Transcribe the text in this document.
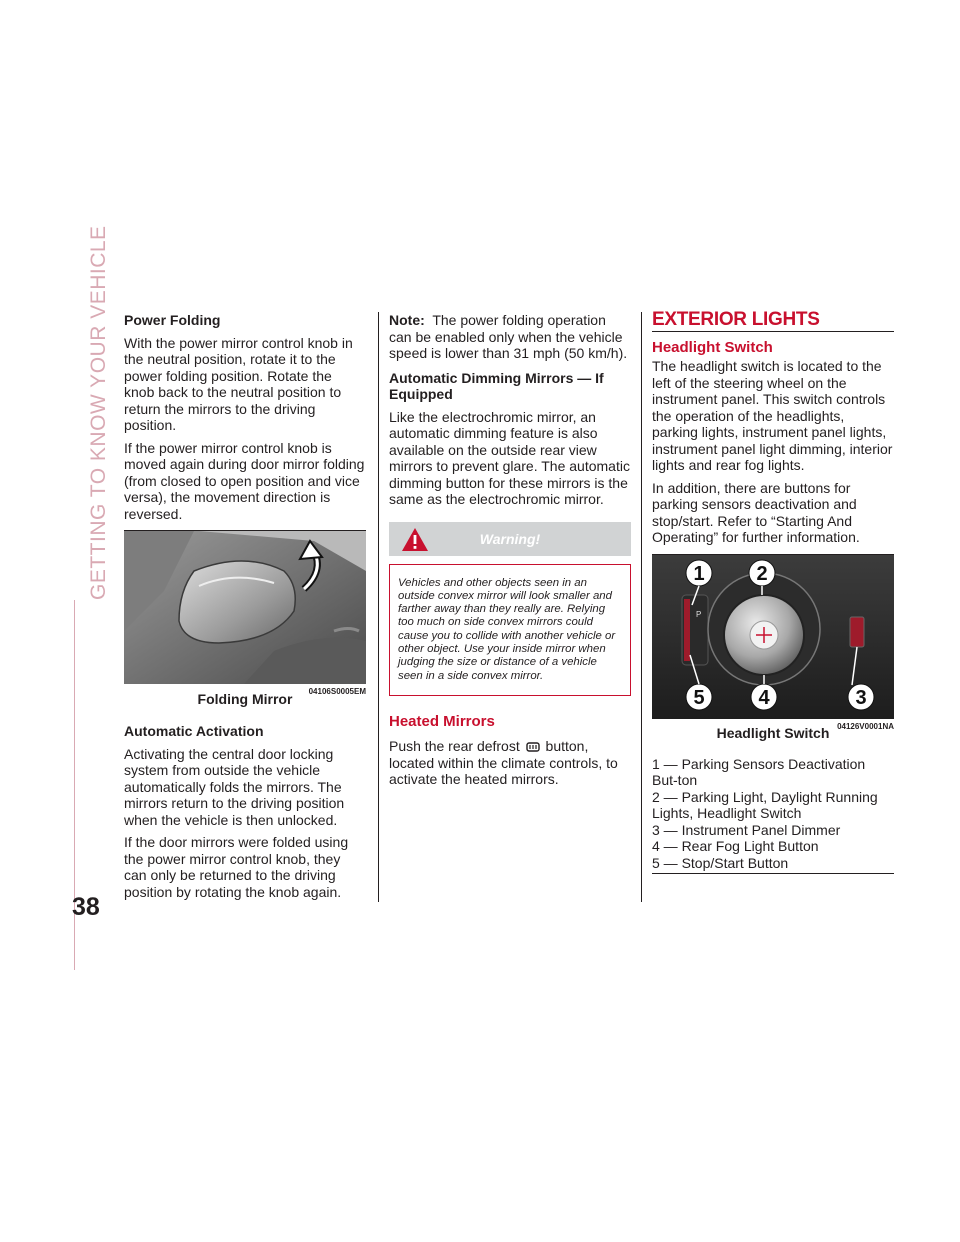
GETTING TO KNOW YOUR VEHICLE Power Folding

With the power mirror control knob in the neutral position, rotate it to the power folding position. Rotate the knob back to the neutral position to return the mirrors to the driving position.

If the power mirror control knob is moved again during door mirror folding (from closed to open position and vice versa), the movement direction is reversed.

04106S0005EM
Folding Mirror
Automatic Activation

Activating the central door locking system from outside the vehicle automatically folds the mirrors. The mirrors return to the driving position when the vehicle is then unlocked.

If the door mirrors were folded using the power mirror control knob, they can only be returned to the driving position by rotating the knob again.

Note: The power folding operation can be enabled only when the vehicle speed is lower than 31 mph (50 km/h).

Automatic Dimming Mirrors — If Equipped

Like the electrochromic mirror, an automatic dimming feature is also available on the outside rear view mirrors to prevent glare. The automatic dimming button for these mirrors is the same as the electrochromic mirror.

Warning!
Vehicles and other objects seen in an outside convex mirror will look smaller and farther away than they really are. Relying too much on side convex mirrors could cause you to collide with another vehicle or other object. Use your inside mirror when judging the size or distance of a vehicle seen in a side convex mirror.
Heated Mirrors

Push the rear defrost button, located within the climate controls, to activate the heated mirrors.

EXTERIOR LIGHTS
Headlight Switch

The headlight switch is located to the left of the steering wheel on the instrument panel. This switch controls the operation of the headlights, parking lights, instrument panel lights, instrument panel light dimming, interior lights and rear fog lights.

In addition, there are buttons for parking sensors deactivation and stop/start. Refer to “Starting And Operating” for further information.

P
1	2
3
4
5
04126V0001NA
Headlight Switch

1 — Parking Sensors Deactivation But-ton

2 — Parking Light, Daylight Running Lights, Headlight Switch

3 — Instrument Panel Dimmer

4 — Rear Fog Light Button

5 — Stop/Start Button

38
